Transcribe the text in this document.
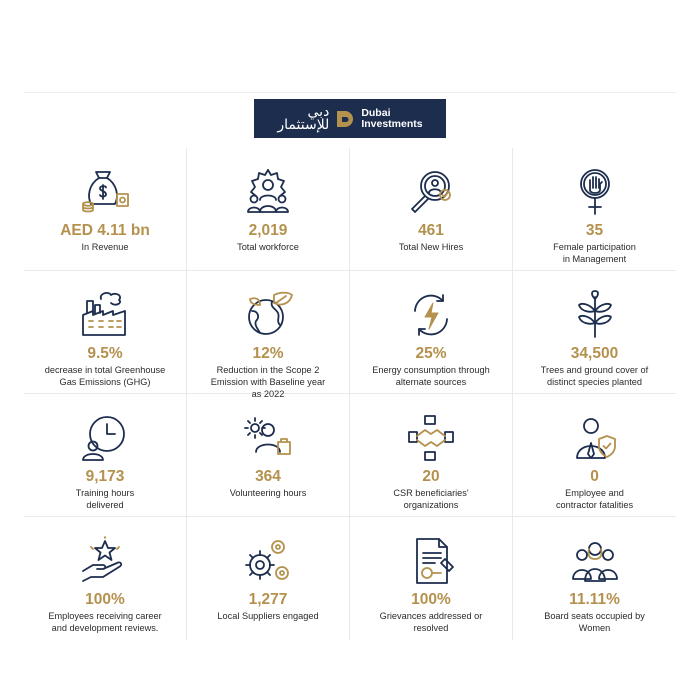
دبي
للإستثمار
Dubai
Investments
AED 4.11 bn
In Revenue
2,019
Total workforce
461
Total New Hires
35
Female participation
in Management
9.5%
decrease in total Greenhouse
Gas Emissions (GHG)
12%
Reduction in the Scope 2
Emission with Baseline year
as 2022
25%
Energy consumption through
alternate sources
34,500
Trees and ground cover of
distinct species planted
9,173
Training hours
delivered
364
Volunteering hours
20
CSR beneficiaries'
organizations
0
Employee and
contractor fatalities
100%
Employees receiving career
and development reviews.
1,277
Local Suppliers engaged
100%
Grievances addressed or
resolved
11.11%
Board seats occupied by
Women
